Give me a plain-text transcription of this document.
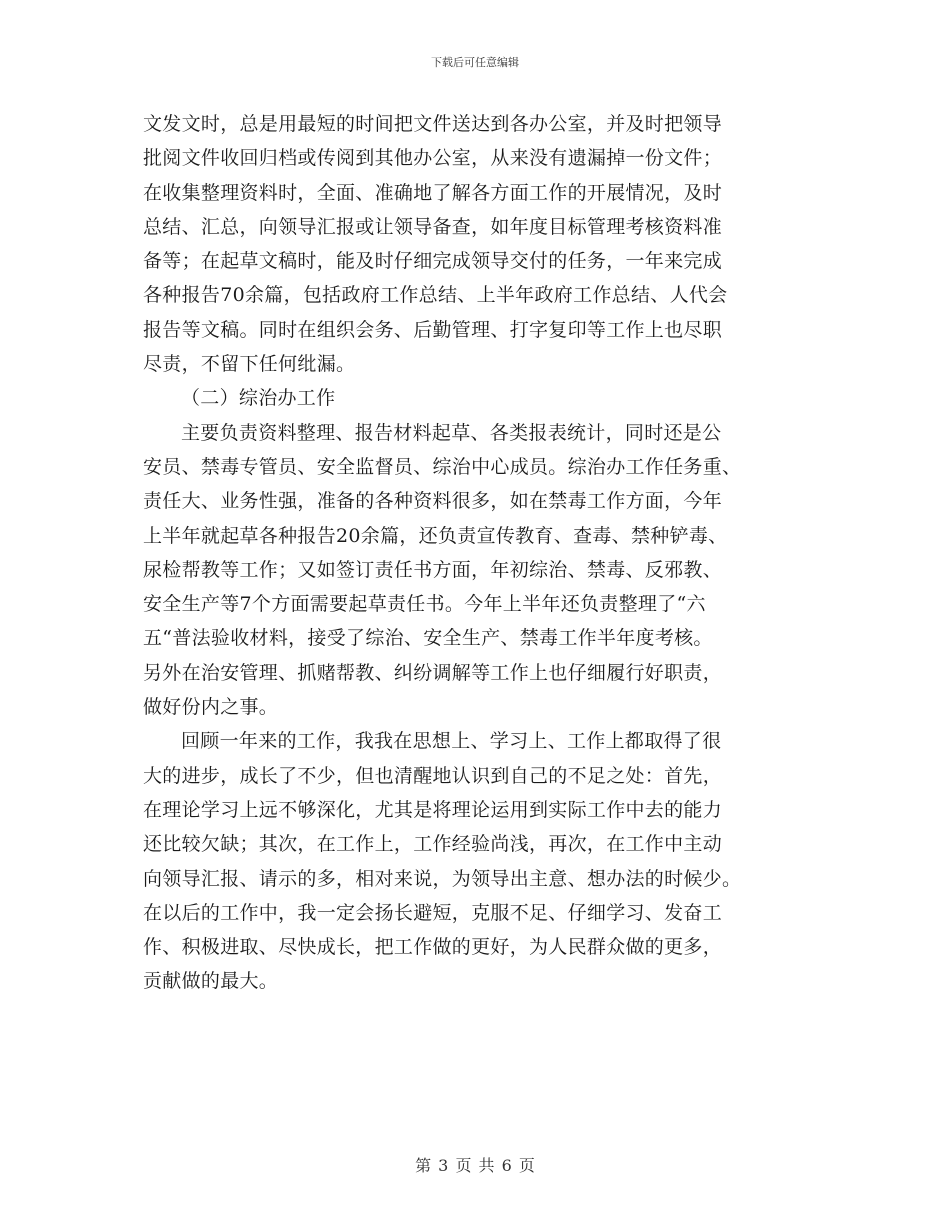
下载后可任意编辑
文发文时，总是用最短的时间把文件送达到各办公室，并及时把领导
批阅文件收回归档或传阅到其他办公室，从来没有遗漏掉一份文件；
在收集整理资料时，全面、准确地了解各方面工作的开展情况，及时
总结、汇总，向领导汇报或让领导备查，如年度目标管理考核资料准
备等；在起草文稿时，能及时仔细完成领导交付的任务，一年来完成
各种报告70余篇，包括政府工作总结、上半年政府工作总结、人代会
报告等文稿。同时在组织会务、后勤管理、打字复印等工作上也尽职
尽责，不留下任何纰漏。
（二）综治办工作
主要负责资料整理、报告材料起草、各类报表统计，同时还是公
安员、禁毒专管员、安全监督员、综治中心成员。综治办工作任务重、
责任大、业务性强，准备的各种资料很多，如在禁毒工作方面，今年
上半年就起草各种报告20余篇，还负责宣传教育、查毒、禁种铲毒、
尿检帮教等工作；又如签订责任书方面，年初综治、禁毒、反邪教、
安全生产等7个方面需要起草责任书。今年上半年还负责整理了“六
五“普法验收材料，接受了综治、安全生产、禁毒工作半年度考核。
另外在治安管理、抓赌帮教、纠纷调解等工作上也仔细履行好职责，
做好份内之事。
回顾一年来的工作，我我在思想上、学习上、工作上都取得了很
大的进步，成长了不少，但也清醒地认识到自己的不足之处：首先，
在理论学习上远不够深化，尤其是将理论运用到实际工作中去的能力
还比较欠缺；其次，在工作上，工作经验尚浅，再次，在工作中主动
向领导汇报、请示的多，相对来说，为领导出主意、想办法的时候少。
在以后的工作中，我一定会扬长避短，克服不足、仔细学习、发奋工
作、积极进取、尽快成长，把工作做的更好，为人民群众做的更多，
贡献做的最大。
第 3 页 共 6 页
